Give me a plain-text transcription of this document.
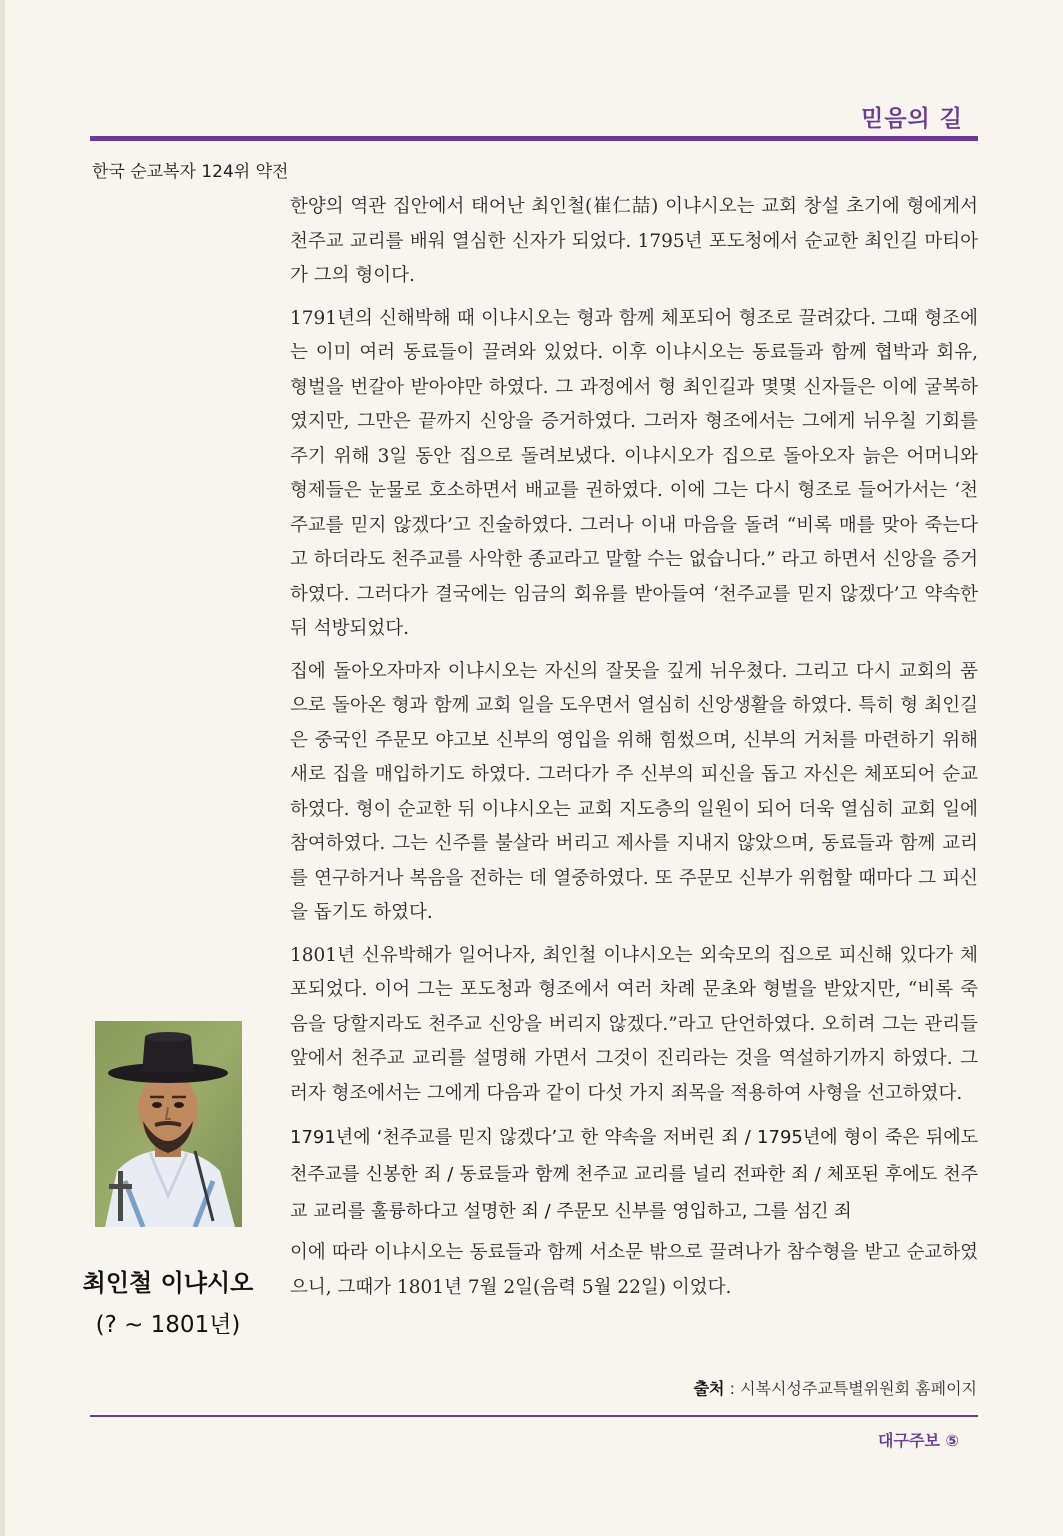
믿음의 길
한국 순교복자 124위 약전

한양의 역관 집안에서 태어난 최인철(崔仁喆) 이냐시오는 교회 창설 초기에 형에게서 천주교 교리를 배워 열심한 신자가 되었다. 1795년 포도청에서 순교한 최인길 마티아가 그의 형이다.

1791년의 신해박해 때 이냐시오는 형과 함께 체포되어 형조로 끌려갔다. 그때 형조에는 이미 여러 동료들이 끌려와 있었다. 이후 이냐시오는 동료들과 함께 협박과 회유, 형벌을 번갈아 받아야만 하였다. 그 과정에서 형 최인길과 몇몇 신자들은 이에 굴복하였지만, 그만은 끝까지 신앙을 증거하였다. 그러자 형조에서는 그에게 뉘우칠 기회를 주기 위해 3일 동안 집으로 돌려보냈다. 이냐시오가 집으로 돌아오자 늙은 어머니와 형제들은 눈물로 호소하면서 배교를 권하였다. 이에 그는 다시 형조로 들어가서는 ‘천주교를 믿지 않겠다’고 진술하였다. 그러나 이내 마음을 돌려 “비록 매를 맞아 죽는다고 하더라도 천주교를 사악한 종교라고 말할 수는 없습니다.” 라고 하면서 신앙을 증거하였다. 그러다가 결국에는 임금의 회유를 받아들여 ‘천주교를 믿지 않겠다’고 약속한 뒤 석방되었다.

집에 돌아오자마자 이냐시오는 자신의 잘못을 깊게 뉘우쳤다. 그리고 다시 교회의 품으로 돌아온 형과 함께 교회 일을 도우면서 열심히 신앙생활을 하였다. 특히 형 최인길은 중국인 주문모 야고보 신부의 영입을 위해 힘썼으며, 신부의 거처를 마련하기 위해 새로 집을 매입하기도 하였다. 그러다가 주 신부의 피신을 돕고 자신은 체포되어 순교하였다. 형이 순교한 뒤 이냐시오는 교회 지도층의 일원이 되어 더욱 열심히 교회 일에 참여하였다. 그는 신주를 불살라 버리고 제사를 지내지 않았으며, 동료들과 함께 교리를 연구하거나 복음을 전하는 데 열중하였다. 또 주문모 신부가 위험할 때마다 그 피신을 돕기도 하였다.

1801년 신유박해가 일어나자, 최인철 이냐시오는 외숙모의 집으로 피신해 있다가 체포되었다. 이어 그는 포도청과 형조에서 여러 차례 문초와 형벌을 받았지만, “비록 죽음을 당할지라도 천주교 신앙을 버리지 않겠다.”라고 단언하였다. 오히려 그는 관리들 앞에서 천주교 교리를 설명해 가면서 그것이 진리라는 것을 역설하기까지 하였다. 그러자 형조에서는 그에게 다음과 같이 다섯 가지 죄목을 적용하여 사형을 선고하였다.

1791년에 ‘천주교를 믿지 않겠다’고 한 약속을 저버린 죄 / 1795년에 형이 죽은 뒤에도 천주교를 신봉한 죄 / 동료들과 함께 천주교 교리를 널리 전파한 죄 / 체포된 후에도 천주교 교리를 훌륭하다고 설명한 죄 / 주문모 신부를 영입하고, 그를 섬긴 죄

이에 따라 이냐시오는 동료들과 함께 서소문 밖으로 끌려나가 참수형을 받고 순교하였으니, 그때가 1801년 7월 2일(음력 5월 22일) 이었다.

출처 : 시복시성주교특별위원회 홈페이지
대구주보 ⑤
최인철 이냐시오
(? ~ 1801년)
